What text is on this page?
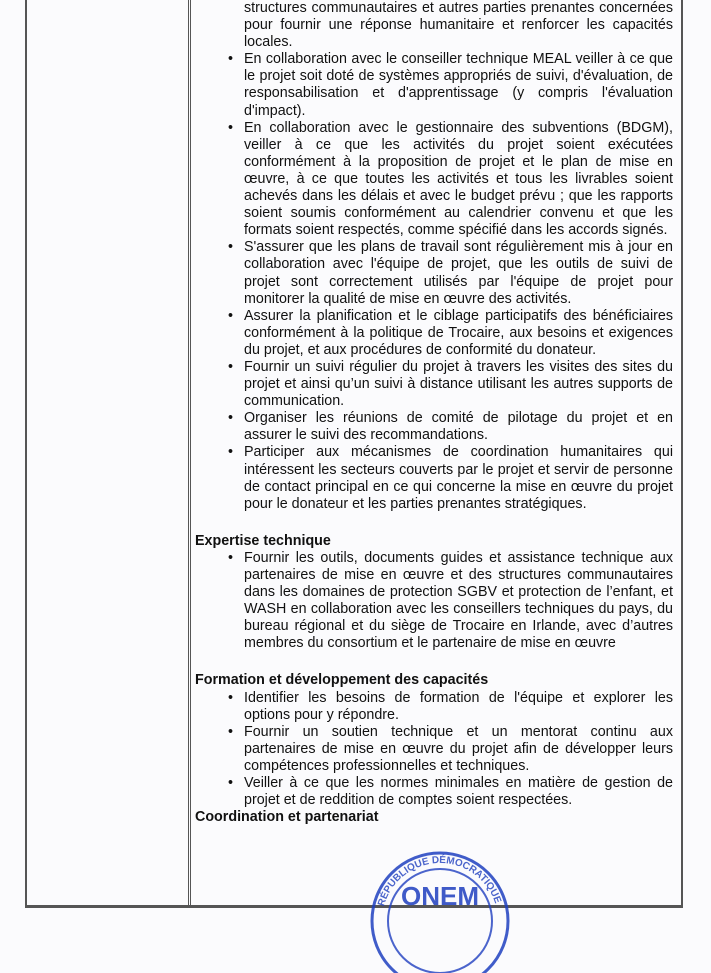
structures communautaires et autres parties prenantes concernées pour fournir une réponse humanitaire et renforcer les capacités locales.
• En collaboration avec le conseiller technique MEAL veiller à ce que le projet soit doté de systèmes appropriés de suivi, d'évaluation, de responsabilisation et d'apprentissage (y compris l'évaluation d'impact).
• En collaboration avec le gestionnaire des subventions (BDGM), veiller à ce que les activités du projet soient exécutées conformément à la proposition de projet et le plan de mise en œuvre, à ce que toutes les activités et tous les livrables soient achevés dans les délais et avec le budget prévu ; que les rapports soient soumis conformément au calendrier convenu et que les formats soient respectés, comme spécifié dans les accords signés.
• S'assurer que les plans de travail sont régulièrement mis à jour en collaboration avec l'équipe de projet, que les outils de suivi de projet sont correctement utilisés par l'équipe de projet pour monitorer la qualité de mise en œuvre des activités.
• Assurer la planification et le ciblage participatifs des bénéficiaires conformément à la politique de Trocaire, aux besoins et exigences du projet, et aux procédures de conformité du donateur.
• Fournir un suivi régulier du projet à travers les visites des sites du projet et ainsi qu’un suivi à distance utilisant les autres supports de communication.
• Organiser les réunions de comité de pilotage du projet et en assurer le suivi des recommandations.
• Participer aux mécanismes de coordination humanitaires qui intéressent les secteurs couverts par le projet et servir de personne de contact principal en ce qui concerne la mise en œuvre du projet pour le donateur et les parties prenantes stratégiques.

Expertise technique

• Fournir les outils, documents guides et assistance technique aux partenaires de mise en œuvre et des structures communautaires dans les domaines de protection SGBV et protection de l’enfant, et WASH en collaboration avec les conseillers techniques du pays, du bureau régional et du siège de Trocaire en Irlande, avec d’autres membres du consortium et le partenaire de mise en œuvre

Formation et développement des capacités

• Identifier les besoins de formation de l'équipe et explorer les options pour y répondre.
• Fournir un soutien technique et un mentorat continu aux partenaires de mise en œuvre du projet afin de développer leurs compétences professionnelles et techniques.
• Veiller à ce que les normes minimales en matière de gestion de projet et de reddition de comptes soient respectées.

Coordination et partenariat

RÉPUBLIQUE DÉMOCRATIQUE
ONEM
